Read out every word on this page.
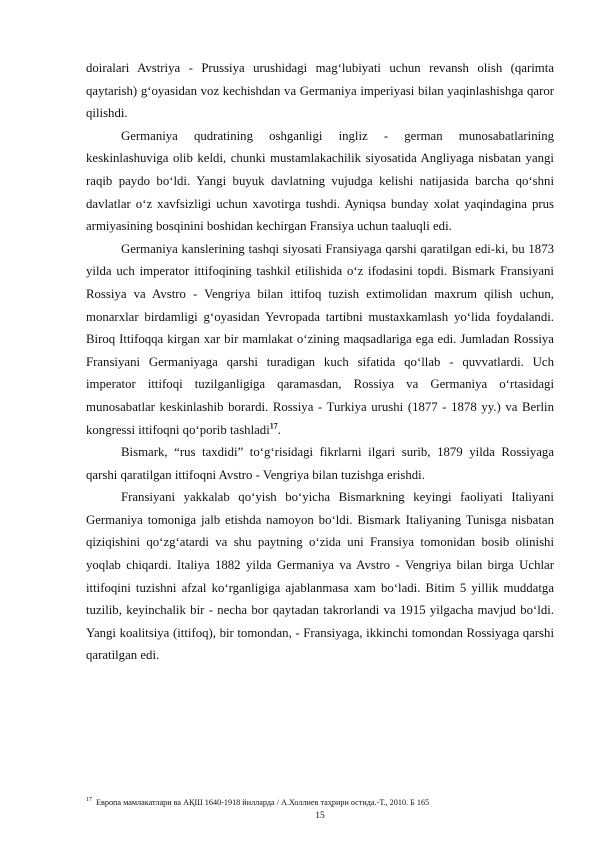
doiralari Avstriya - Prussiya urushidagi mag‘lubiyati uchun revansh olish (qarimta qaytarish) g‘oyasidan voz kechishdan va Germaniya imperiyasi bilan yaqinlashishga qaror qilishdi.

Germaniya qudratining oshganligi ingliz - german munosabatlarining keskinlashuviga olib keldi, chunki mustamlakachilik siyosatida Angliyaga nisbatan yangi raqib paydo bo‘ldi. Yangi buyuk davlatning vujudga kelishi natijasida barcha qo‘shni davlatlar o‘z xavfsizligi uchun xavotirga tushdi. Ayniqsa bunday xolat yaqindagina prus armiyasining bosqinini boshidan kechirgan Fransiya uchun taaluqli edi.

Germaniya kanslerining tashqi siyosati Fransiyaga qarshi qaratilgan edi-ki, bu 1873 yilda uch imperator ittifoqining tashkil etilishida o‘z ifodasini topdi. Bismark Fransiyani Rossiya va Avstro - Vengriya bilan ittifoq tuzish extimolidan maxrum qilish uchun, monarxlar birdamligi g‘oyasidan Yevropada tartibni mustaxkamlash yo‘lida foydalandi. Biroq Ittifoqqa kirgan xar bir mamlakat o‘zining maqsadlariga ega edi. Jumladan Rossiya Fransiyani Germaniyaga qarshi turadigan kuch sifatida qo‘llab - quvvatlardi. Uch imperator ittifoqi tuzilganligiga qaramasdan, Rossiya va Germaniya o‘rtasidagi munosabatlar keskinlashib borardi. Rossiya - Turkiya urushi (1877 - 1878 yy.) va Berlin kongressi ittifoqni qo‘porib tashladi$^{17}$.

Bismark, “rus taxdidi” to‘g‘risidagi fikrlarni ilgari surib, 1879 yilda Rossiyaga qarshi qaratilgan ittifoqni Avstro - Vengriya bilan tuzishga erishdi.

Fransiyani yakkalab qo‘yish bo‘yicha Bismarkning keyingi faoliyati Italiyani Germaniya tomoniga jalb etishda namoyon bo‘ldi. Bismark Italiyaning Tunisga nisbatan qiziqishini qo‘zg‘atardi va shu paytning o‘zida uni Fransiya tomonidan bosib olinishi yoqlab chiqardi. Italiya 1882 yilda Germaniya va Avstro - Vengriya bilan birga Uchlar ittifoqini tuzishni afzal ko‘rganligiga ajablanmasa xam bo‘ladi. Bitim 5 yillik muddatga tuzilib, keyinchalik bir - necha bor qaytadan takrorlandi va 1915 yilgacha mavjud bo‘ldi. Yangi koalitsiya (ittifoq), bir tomondan, - Fransiyaga, ikkinchi tomondan Rossiyaga qarshi qaratilgan edi.

$^{17}$ Европа мамлакатлари ва АҚШ 1640-1918 йилларда / А.Холлиев таҳрири остида.-Т., 2010. Б 165
15
